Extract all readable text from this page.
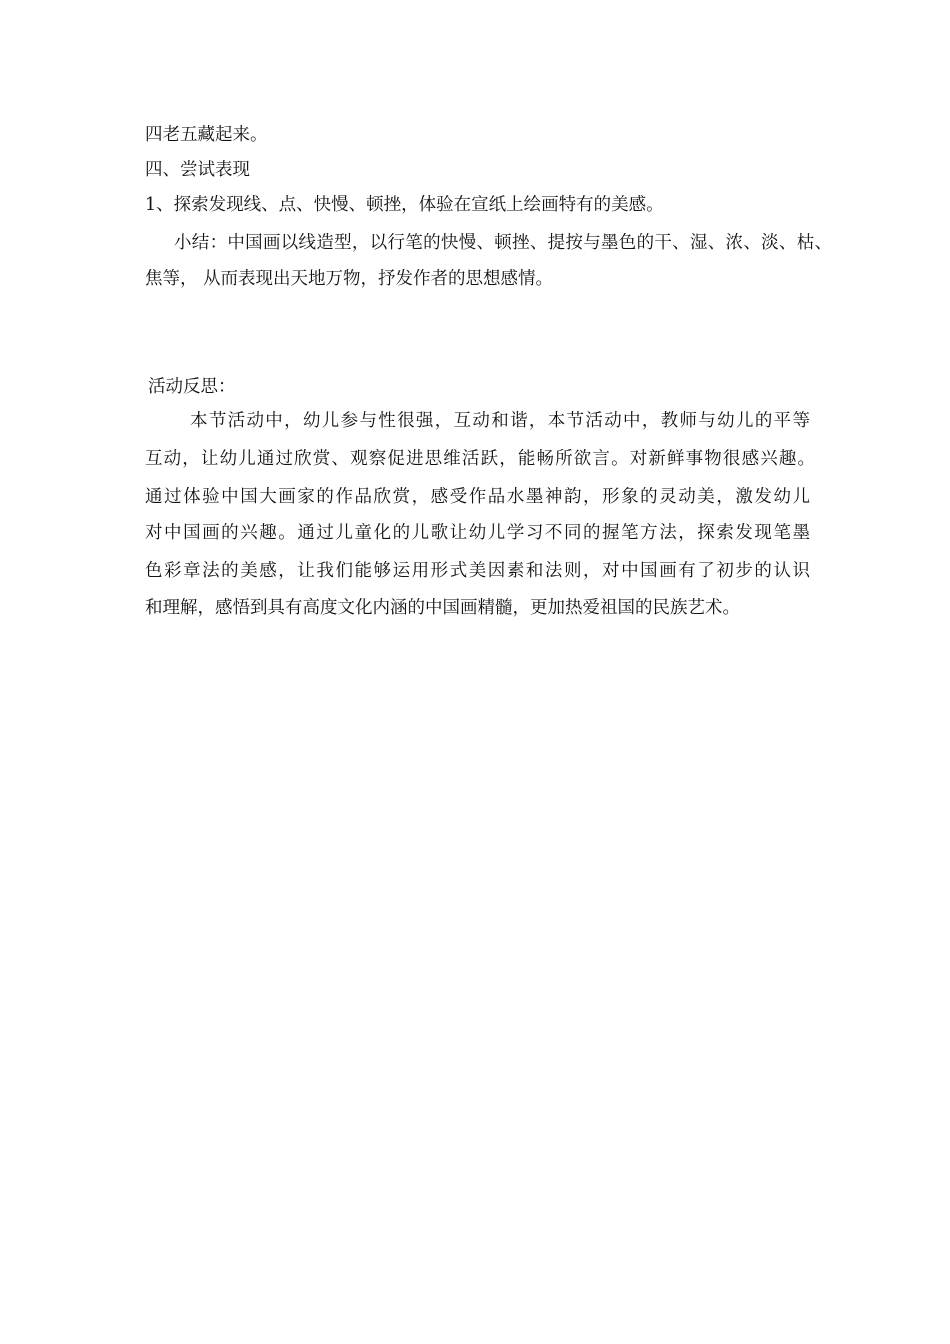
四老五藏起来。
四、尝试表现
1、探索发现线、点、快慢、顿挫，体验在宣纸上绘画特有的美感。
小结：中国画以线造型，以行笔的快慢、顿挫、提按与墨色的干、湿、浓、淡、枯、
焦等， 从而表现出天地万物，抒发作者的思想感情。
活动反思：
本节活动中，幼儿参与性很强，互动和谐，本节活动中，教师与幼儿的平等
互动，让幼儿通过欣赏、观察促进思维活跃，能畅所欲言。对新鲜事物很感兴趣。
通过体验中国大画家的作品欣赏，感受作品水墨神韵，形象的灵动美，激发幼儿
对中国画的兴趣。通过儿童化的儿歌让幼儿学习不同的握笔方法，探索发现笔墨
色彩章法的美感，让我们能够运用形式美因素和法则，对中国画有了初步的认识
和理解，感悟到具有高度文化内涵的中国画精髓，更加热爱祖国的民族艺术。
